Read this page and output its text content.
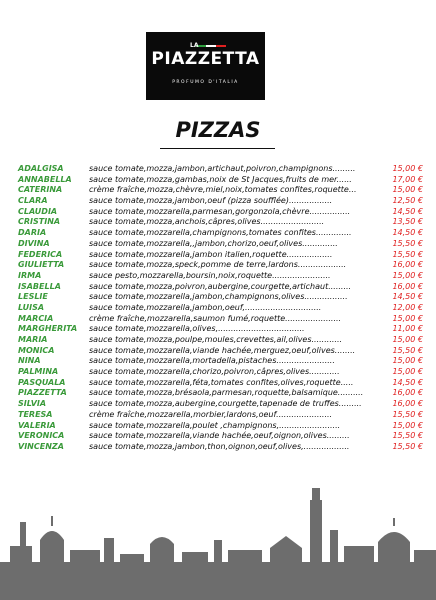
PIAZZETTA
LA
PROFUMO D'ITALIA
PIZZAS
ADALGISA	sauce tomate,mozza,jambon,artichaut,poivron,champignons.........	15,00 €
ANNABELLA sauce tomate,mozza,gambas,noix de St Jacques,fruits de mer......	17,00 €
CATERINA	crème fraîche,mozza,chèvre,miel,noix,tomates confites,roquette...	15,00 €
CLARA	sauce tomate,mozza,jambon,oeuf (pizza soufflée).................	12,50 €
CLAUDIA	sauce tomate,mozzarella,parmesan,gorgonzola,chèvre................	14,50 €
CRISTINA	sauce tomate,mozza,anchois,câpres,olives.........................	13,50 €
DARIA	sauce tomate,mozzarella,champignons,tomates confites..............	14,50 €
DIVINA	sauce tomate,mozzarella,,jambon,chorizo,oeuf,olives..............	15,50 €
FEDERICA	sauce tomate,mozzarella,jambon italien,roquette..................	15,50 €
GIULIETTA	sauce tomate,mozza,speck,pomme de terre,lardons...................	16,00 €
IRMA	sauce pesto,mozzarella,boursin,noix,roquette.......................	15,00 €
ISABELLA	sauce tomate,mozza,poivron,aubergine,courgette,artichaut.........	16,00 €
LESLIE	sauce tomate,mozzarella,jambon,champignons,olives.................	14,50 €
LUISA	sauce tomate,mozzarella,jambon,oeuf,..............................	12,00 €
MARCIA	crème fraîche,mozzarella,saumon fumé,roquette......................	15,00 €
MARGHERITA sauce tomate,mozzarella,olives,..................................	11,00 €
MARIA	sauce tomate,mozza,poulpe,moules,crevettes,ail,olives............	15,00 €
MONICA	sauce tomate,mozzarella,viande hachée,merguez,oeuf,olives........	15,50 €
NINA	sauce tomate,mozzarella,mortadella,pistaches.......................	15,00 €
PALMINA	sauce tomate,mozzarella,chorizo,poivron,câpres,olives............	15,00 €
PASQUALA	sauce tomate,mozzarella,féta,tomates confites,olives,roquette.....	14,50 €
PIAZZETTA	sauce tomate,mozza,brésaola,parmesan,roquette,balsamique..........	16,00 €
SILVIA	sauce tomate,mozza,aubergine,courgette,tapenade de truffes.........	16,00 €
TERESA	crème fraîche,mozzarella,morbier,lardons,oeuf......................	15,50 €
VALERIA	sauce tomate,mozzarella,poulet ,champignons,........................	15,00 €
VERONICA	sauce tomate,mozzarella,viande hachée,oeuf,oignon,olives.........	15,50 €
VINCENZA	sauce tomate,mozza,jambon,thon,oignon,oeuf,olives,..................	15,50 €
